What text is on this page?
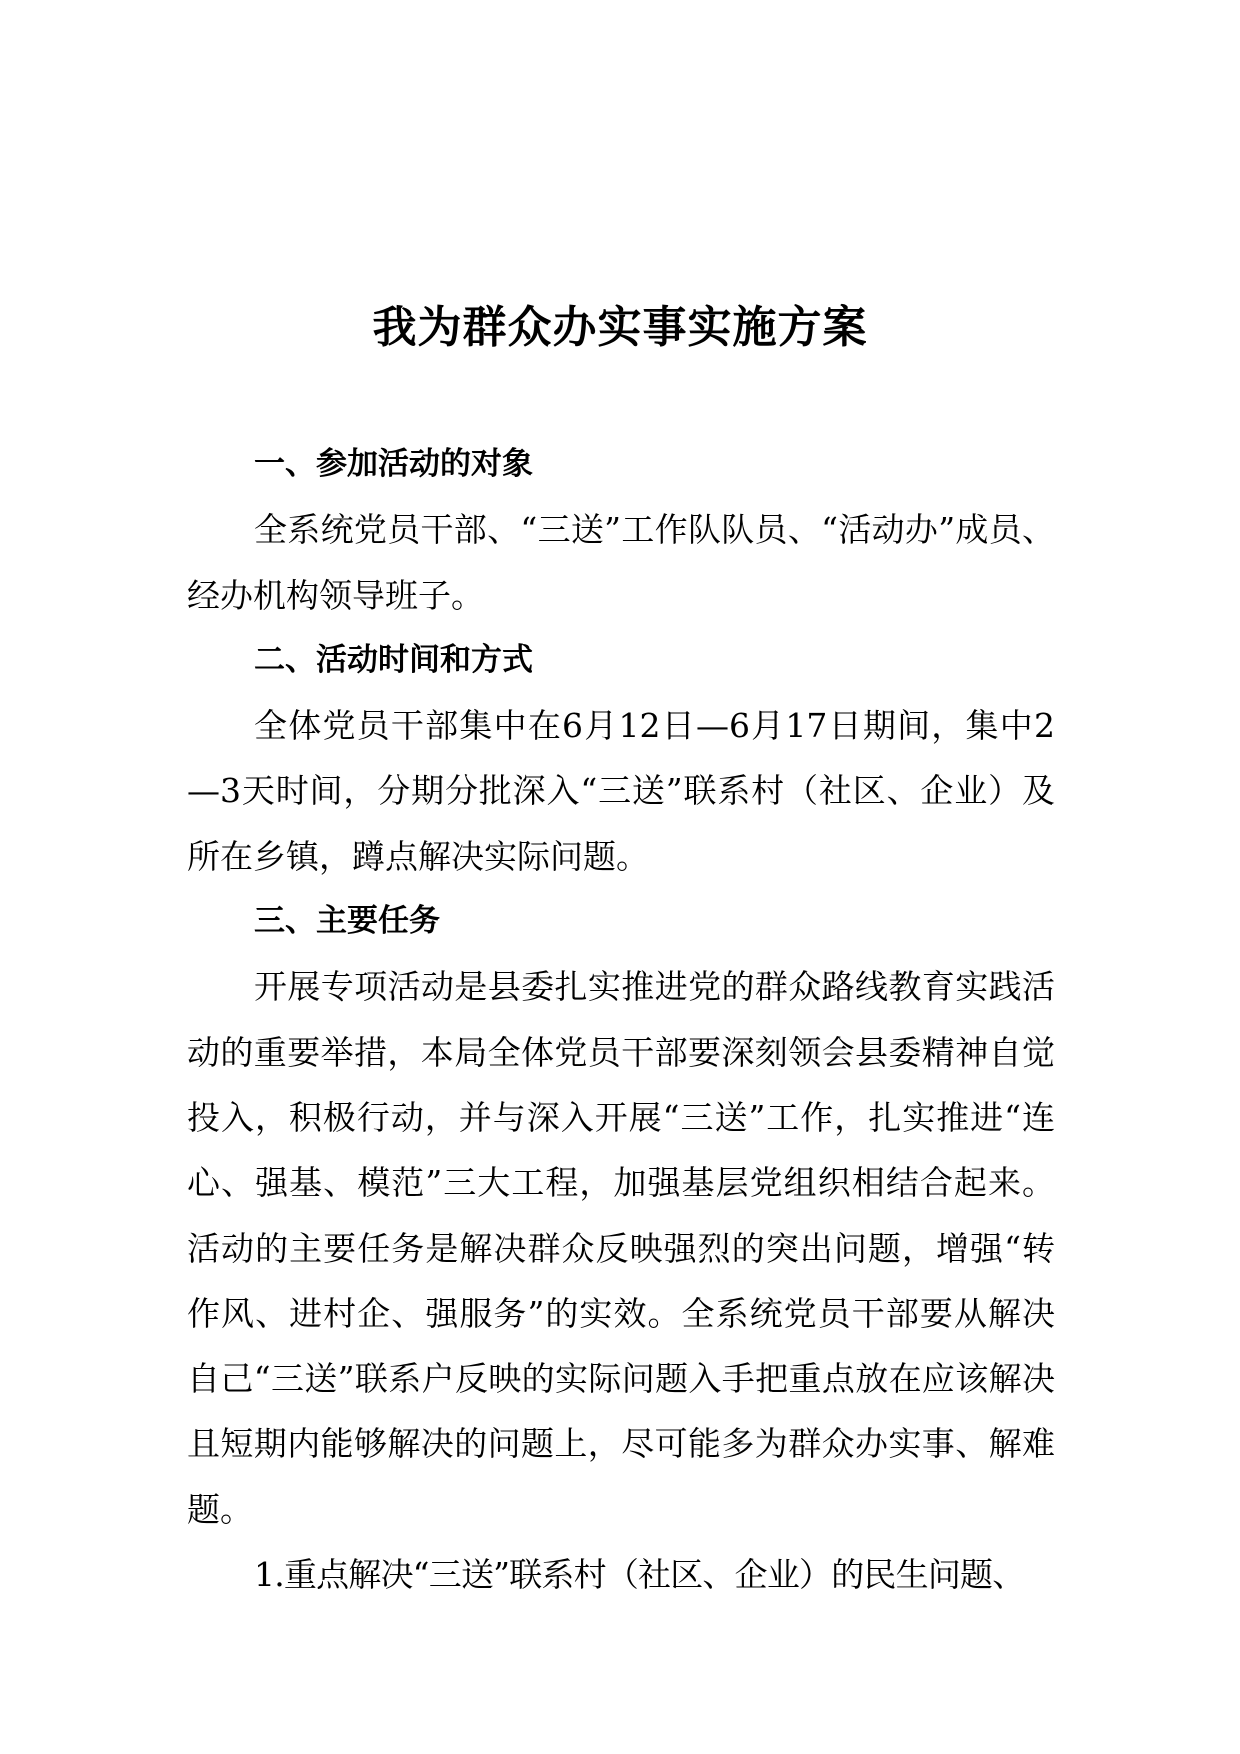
我为群众办实事实施方案

一、参加活动的对象

全系统党员干部、“三送”工作队队员、“活动办”成员、经办机构领导班子。

二、活动时间和方式

全体党员干部集中在6月12日—6月17日期间，集中2—3天时间，分期分批深入“三送”联系村（社区、企业）及所在乡镇，蹲点解决实际问题。

三、主要任务

开展专项活动是县委扎实推进党的群众路线教育实践活动的重要举措，本局全体党员干部要深刻领会县委精神自觉投入，积极行动，并与深入开展“三送”工作，扎实推进“连心、强基、模范”三大工程，加强基层党组织相结合起来。活动的主要任务是解决群众反映强烈的突出问题，增强“转作风、进村企、强服务”的实效。全系统党员干部要从解决自己“三送”联系户反映的实际问题入手把重点放在应该解决且短期内能够解决的问题上，尽可能多为群众办实事、解难题。

1.重点解决“三送”联系村（社区、企业）的民生问题、
